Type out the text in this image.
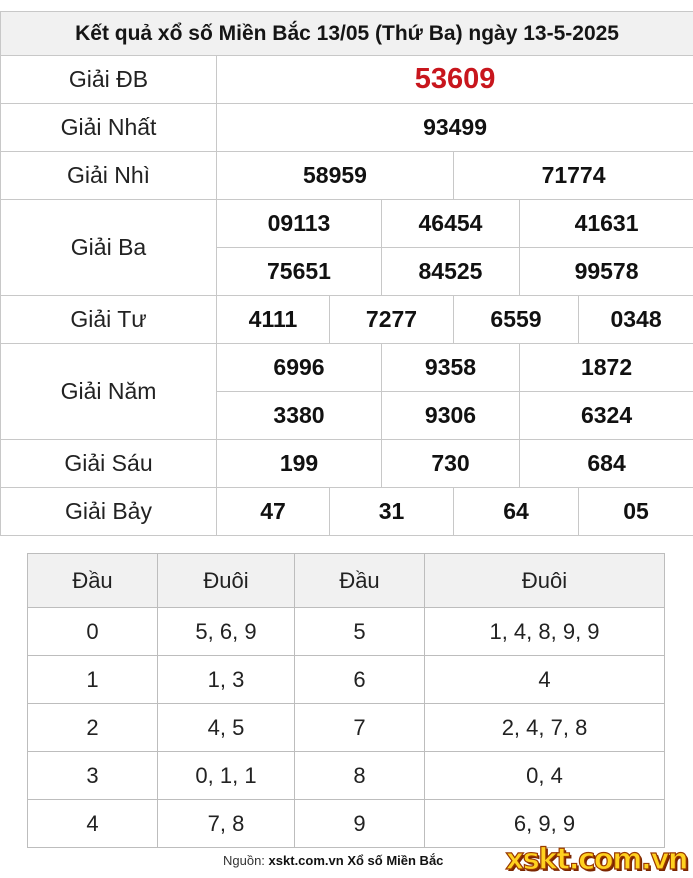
Kết quả xổ số Miền Bắc 13/05 (Thứ Ba) ngày 13-5-2025						
Giải ĐB	53609					
Giải Nhất	93499					
Giải Nhì	58959			71774		
Giải Ba	09113		46454		41631	
	75651		84525		99578	
Giải Tư	4111	7277		6559		0348
Giải Năm	6996		9358		1872	
	3380		9306		6324	
Giải Sáu	199		730		684	
Giải Bảy	47	31		64		05
Đầu	Đuôi	Đầu	Đuôi
0	5, 6, 9	5	1, 4, 8, 9, 9
1	1, 3	6	4
2	4, 5	7	2, 4, 7, 8
3	0, 1, 1	8	0, 4
4	7, 8	9	6, 9, 9
Nguồn: xskt.com.vn Xổ số Miền Bắc xskt.com.vn
